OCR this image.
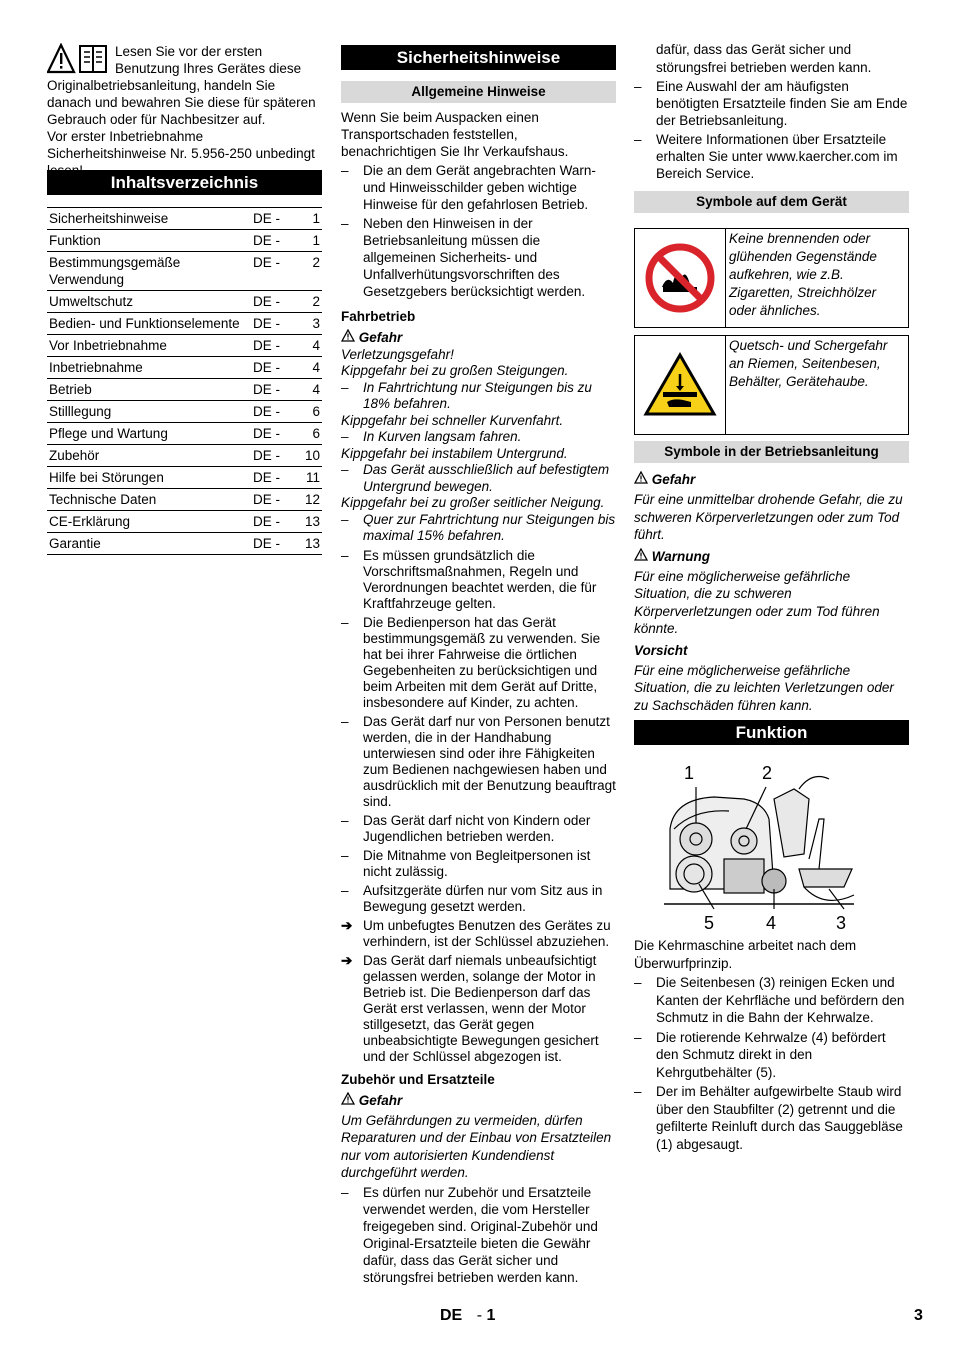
Lesen Sie vor der ersten Benutzung Ihres Gerätes diese Originalbetriebsanleitung, handeln Sie danach und bewahren Sie diese für späteren Gebrauch oder für Nachbesitzer auf.

Vor erster Inbetriebnahme Sicherheitshinweise Nr. 5.956-250 unbedingt

Inhaltsverzeichnis
Sicherheitshinweise	DE -	1
Funktion	DE -	1
Bestimmungsgemäße Verwendung	DE -	2
Umweltschutz	DE -	2
Bedien- und Funktionselemente	DE -	3
Vor Inbetriebnahme	DE -	4
Inbetriebnahme	DE -	4
Betrieb	DE -	4
Stilllegung	DE -	6
Pflege und Wartung	DE -	6
Zubehör	DE -	10
Hilfe bei Störungen	DE -	11
Technische Daten	DE -	12
CE-Erklärung	DE -	13
Garantie	DE -	13
Sicherheitshinweise
Allgemeine Hinweise

Wenn Sie beim Auspacken einen Transportschaden feststellen, benachrichtigen Sie Ihr Verkaufshaus.

– Die an dem Gerät angebrachten Warn- und Hinweisschilder geben wichtige Hinweise für den gefahrlosen Betrieb.
– Neben den Hinweisen in der Betriebsanleitung müssen die allgemeinen Sicherheits- und Unfallverhütungsvorschriften des Gesetzgebers berücksichtigt werden.

Fahrbetrieb

Gefahr

Verletzungsgefahr!

Kippgefahr bei zu großen Steigungen.

– In Fahrtrichtung nur Steigungen bis zu 18% befahren.

Kippgefahr bei schneller Kurvenfahrt.

– In Kurven langsam fahren.

Kippgefahr bei instabilem Untergrund.

– Das Gerät ausschließlich auf befestigtem Untergrund bewegen.

Kippgefahr bei zu großer seitlicher Neigung.

– Quer zur Fahrtrichtung nur Steigungen bis maximal 15% befahren.
– Es müssen grundsätzlich die Vorschriftsmaßnahmen, Regeln und Verordnungen beachtet werden, die für Kraftfahrzeuge gelten.
– Die Bedienperson hat das Gerät bestimmungsgemäß zu verwenden. Sie hat bei ihrer Fahrweise die örtlichen Gegebenheiten zu berücksichtigen und beim Arbeiten mit dem Gerät auf Dritte, insbesondere auf Kinder, zu achten.
– Das Gerät darf nur von Personen benutzt werden, die in der Handhabung unterwiesen sind oder ihre Fähigkeiten zum Bedienen nachgewiesen haben und ausdrücklich mit der Benutzung beauftragt sind.
– Das Gerät darf nicht von Kindern oder Jugendlichen betrieben werden.
– Die Mitnahme von Begleitpersonen ist nicht zulässig.
– Aufsitzgeräte dürfen nur vom Sitz aus in Bewegung gesetzt werden.
➔ Um unbefugtes Benutzen des Gerätes zu verhindern, ist der Schlüssel abzuziehen.
➔ Das Gerät darf niemals unbeaufsichtigt gelassen werden, solange der Motor in Betrieb ist. Die Bedienperson darf das Gerät erst verlassen, wenn der Motor stillgesetzt, das Gerät gegen unbeabsichtigte Bewegungen gesichert und der Schlüssel abgezogen ist.

Zubehör und Ersatzteile

Gefahr

Um Gefährdungen zu vermeiden, dürfen Reparaturen und der Einbau von Ersatzteilen nur vom autorisierten Kundendienst durchgeführt werden.

– Es dürfen nur Zubehör und Ersatzteile verwendet werden, die vom Hersteller freigegeben sind. Original-Zubehör und Original-Ersatzteile bieten die Gewähr dafür, dass das Gerät sicher und störungsfrei betrieben werden kann.

dafür, dass das Gerät sicher und störungsfrei betrieben werden kann.

– Eine Auswahl der am häufigsten benötigten Ersatzteile finden Sie am Ende der Betriebsanleitung.
– Weitere Informationen über Ersatzteile erhalten Sie unter www.kaercher.com im Bereich Service.
Symbole auf dem Gerät
Keine brennenden oder glühenden Gegenstände aufkehren, wie z.B. Zigaretten, Streichhölzer oder ähnliches.
Quetsch- und Schergefahr an Riemen, Seitenbesen, Behälter, Gerätehaube.
Symbole in der Betriebsanleitung

Gefahr

Für eine unmittelbar drohende Gefahr, die zu schweren Körperverletzungen oder zum Tod führt.

Warnung

Für eine möglicherweise gefährliche Situation, die zu schweren Körperverletzungen oder zum Tod führen könnte.

Vorsicht

Für eine möglicherweise gefährliche Situation, die zu leichten Verletzungen oder zu Sachschäden führen kann.

Funktion
1	2
3
4
5

Die Kehrmaschine arbeitet nach dem Überwurfprinzip.

– Die Seitenbesen (3) reinigen Ecken und Kanten der Kehrfläche und befördern den Schmutz in die Bahn der Kehrwalze.
– Die rotierende Kehrwalze (4) befördert den Schmutz direkt in den Kehrgutbehälter (5).
– Der im Behälter aufgewirbelte Staub wird über den Staubfilter (2) getrennt und die gefilterte Reinluft durch das Sauggebläse (1) abgesaugt.
DE - 1	3
